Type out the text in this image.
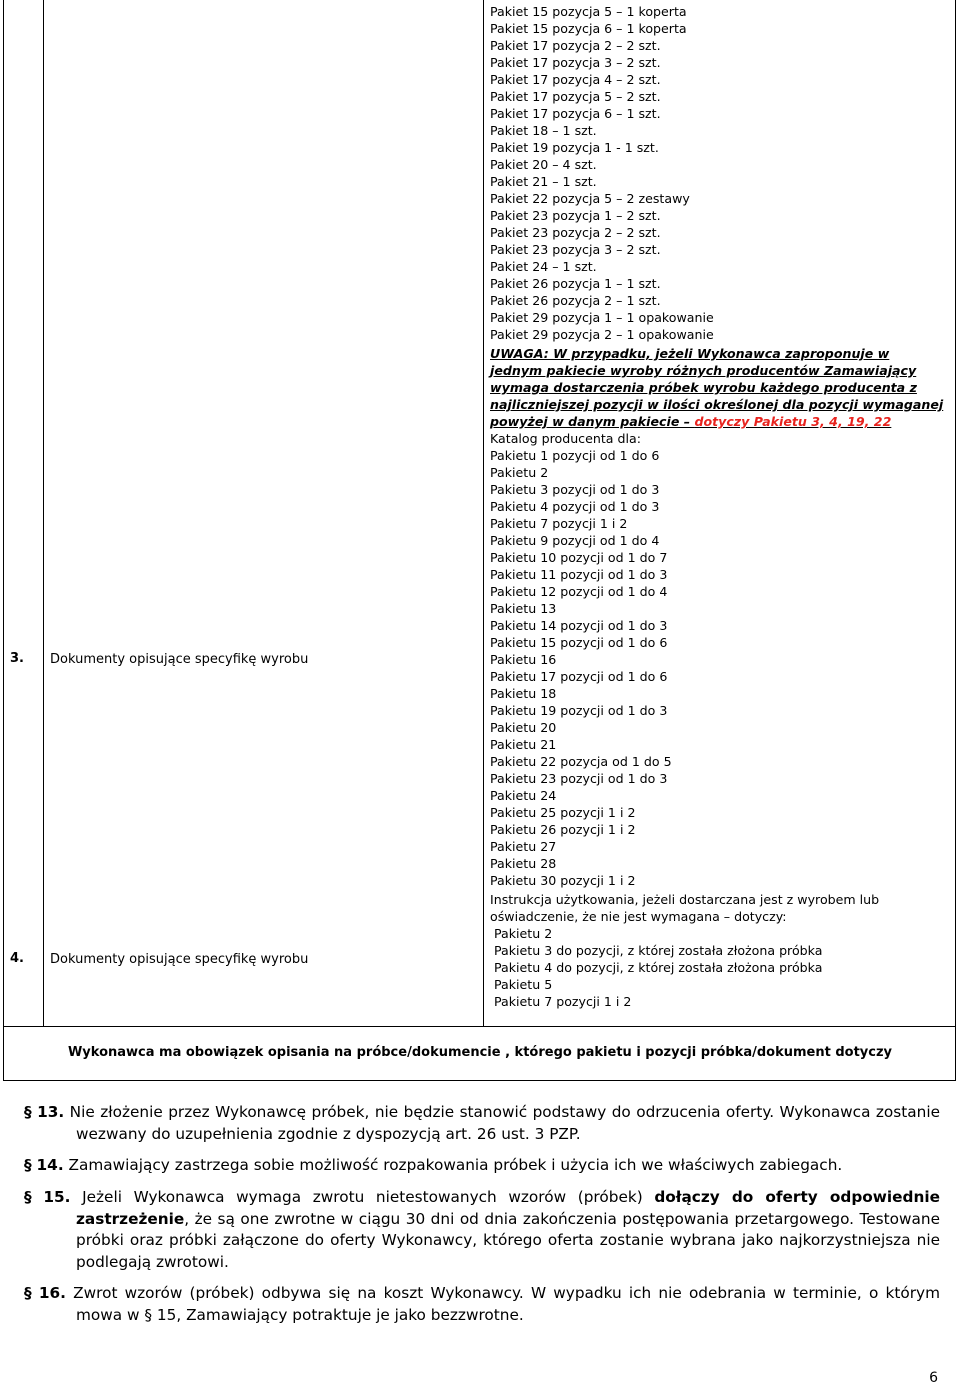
Pakiet 15 pozycja 5 – 1 koperta
Pakiet 15 pozycja 6 – 1 koperta
Pakiet 17 pozycja 2 – 2 szt.
Pakiet 17 pozycja 3 – 2 szt.
Pakiet 17 pozycja 4 – 2 szt.
Pakiet 17 pozycja 5 – 2 szt.
Pakiet 17 pozycja 6 – 1 szt.
Pakiet 18 – 1 szt.
Pakiet 19 pozycja 1 - 1 szt.
Pakiet 20 – 4 szt.
Pakiet 21 – 1 szt.
Pakiet 22 pozycja 5 – 2 zestawy
Pakiet 23 pozycja 1 – 2 szt.
Pakiet 23 pozycja 2 – 2 szt.
Pakiet 23 pozycja 3 – 2 szt.
Pakiet 24 – 1 szt.
Pakiet 26 pozycja 1 – 1 szt.
Pakiet 26 pozycja 2 – 1 szt.
Pakiet 29 pozycja 1 – 1 opakowanie
Pakiet 29 pozycja 2 – 1 opakowanie
UWAGA: W przypadku, jeżeli Wykonawca zaproponuje w
jednym pakiecie wyroby różnych producentów Zamawiający
wymaga dostarczenia próbek wyrobu każdego producenta z
najliczniejszej pozycji w ilości określonej dla pozycji wymaganej
powyżej w danym pakiecie – dotyczy Pakietu 3, 4, 19, 22
3. Dokumenty opisujące specyfikę wyrobu
Katalog producenta dla:
Pakietu 1 pozycji od 1 do 6
Pakietu 2
Pakietu 3 pozycji od 1 do 3
Pakietu 4 pozycji od 1 do 3
Pakietu 7 pozycji 1 i 2
Pakietu 9 pozycji od 1 do 4
Pakietu 10 pozycji od 1 do 7
Pakietu 11 pozycji od 1 do 3
Pakietu 12 pozycji od 1 do 4
Pakietu 13
Pakietu 14 pozycji od 1 do 3
Pakietu 15 pozycji od 1 do 6
Pakietu 16
Pakietu 17 pozycji od 1 do 6
Pakietu 18
Pakietu 19 pozycji od 1 do 3
Pakietu 20
Pakietu 21
Pakietu 22 pozycja od 1 do 5
Pakietu 23 pozycji od 1 do 3
Pakietu 24
Pakietu 25 pozycji 1 i 2
Pakietu 26 pozycji 1 i 2
Pakietu 27
Pakietu 28
Pakietu 30 pozycji 1 i 2
4. Dokumenty opisujące specyfikę wyrobu
Instrukcja użytkowania, jeżeli dostarczana jest z wyrobem lub
oświadczenie, że nie jest wymagana – dotyczy:
Pakietu 2
Pakietu 3 do pozycji, z której została złożona próbka
Pakietu 4 do pozycji, z której została złożona próbka
Pakietu 5
Pakietu 7 pozycji 1 i 2
Wykonawca ma obowiązek opisania na próbce/dokumencie , którego pakietu i pozycji próbka/dokument dotyczy
§ 13. Nie złożenie przez Wykonawcę próbek, nie będzie stanowić podstawy do odrzucenia oferty. Wykonawca zostanie wezwany do uzupełnienia zgodnie z dyspozycją art. 26 ust. 3 PZP.
§ 14. Zamawiający zastrzega sobie możliwość rozpakowania próbek i użycia ich we właściwych zabiegach.
§ 15. Jeżeli Wykonawca wymaga zwrotu nietestowanych wzorów (próbek) dołączy do oferty odpowiednie zastrzeżenie, że są one zwrotne w ciągu 30 dni od dnia zakończenia postępowania przetargowego. Testowane próbki oraz próbki załączone do oferty Wykonawcy, którego oferta zostanie wybrana jako najkorzystniejsza nie podlegają zwrotowi.
§ 16. Zwrot wzorów (próbek) odbywa się na koszt Wykonawcy. W wypadku ich nie odebrania w terminie, o którym mowa w § 15, Zamawiający potraktuje je jako bezzwrotne.
6
